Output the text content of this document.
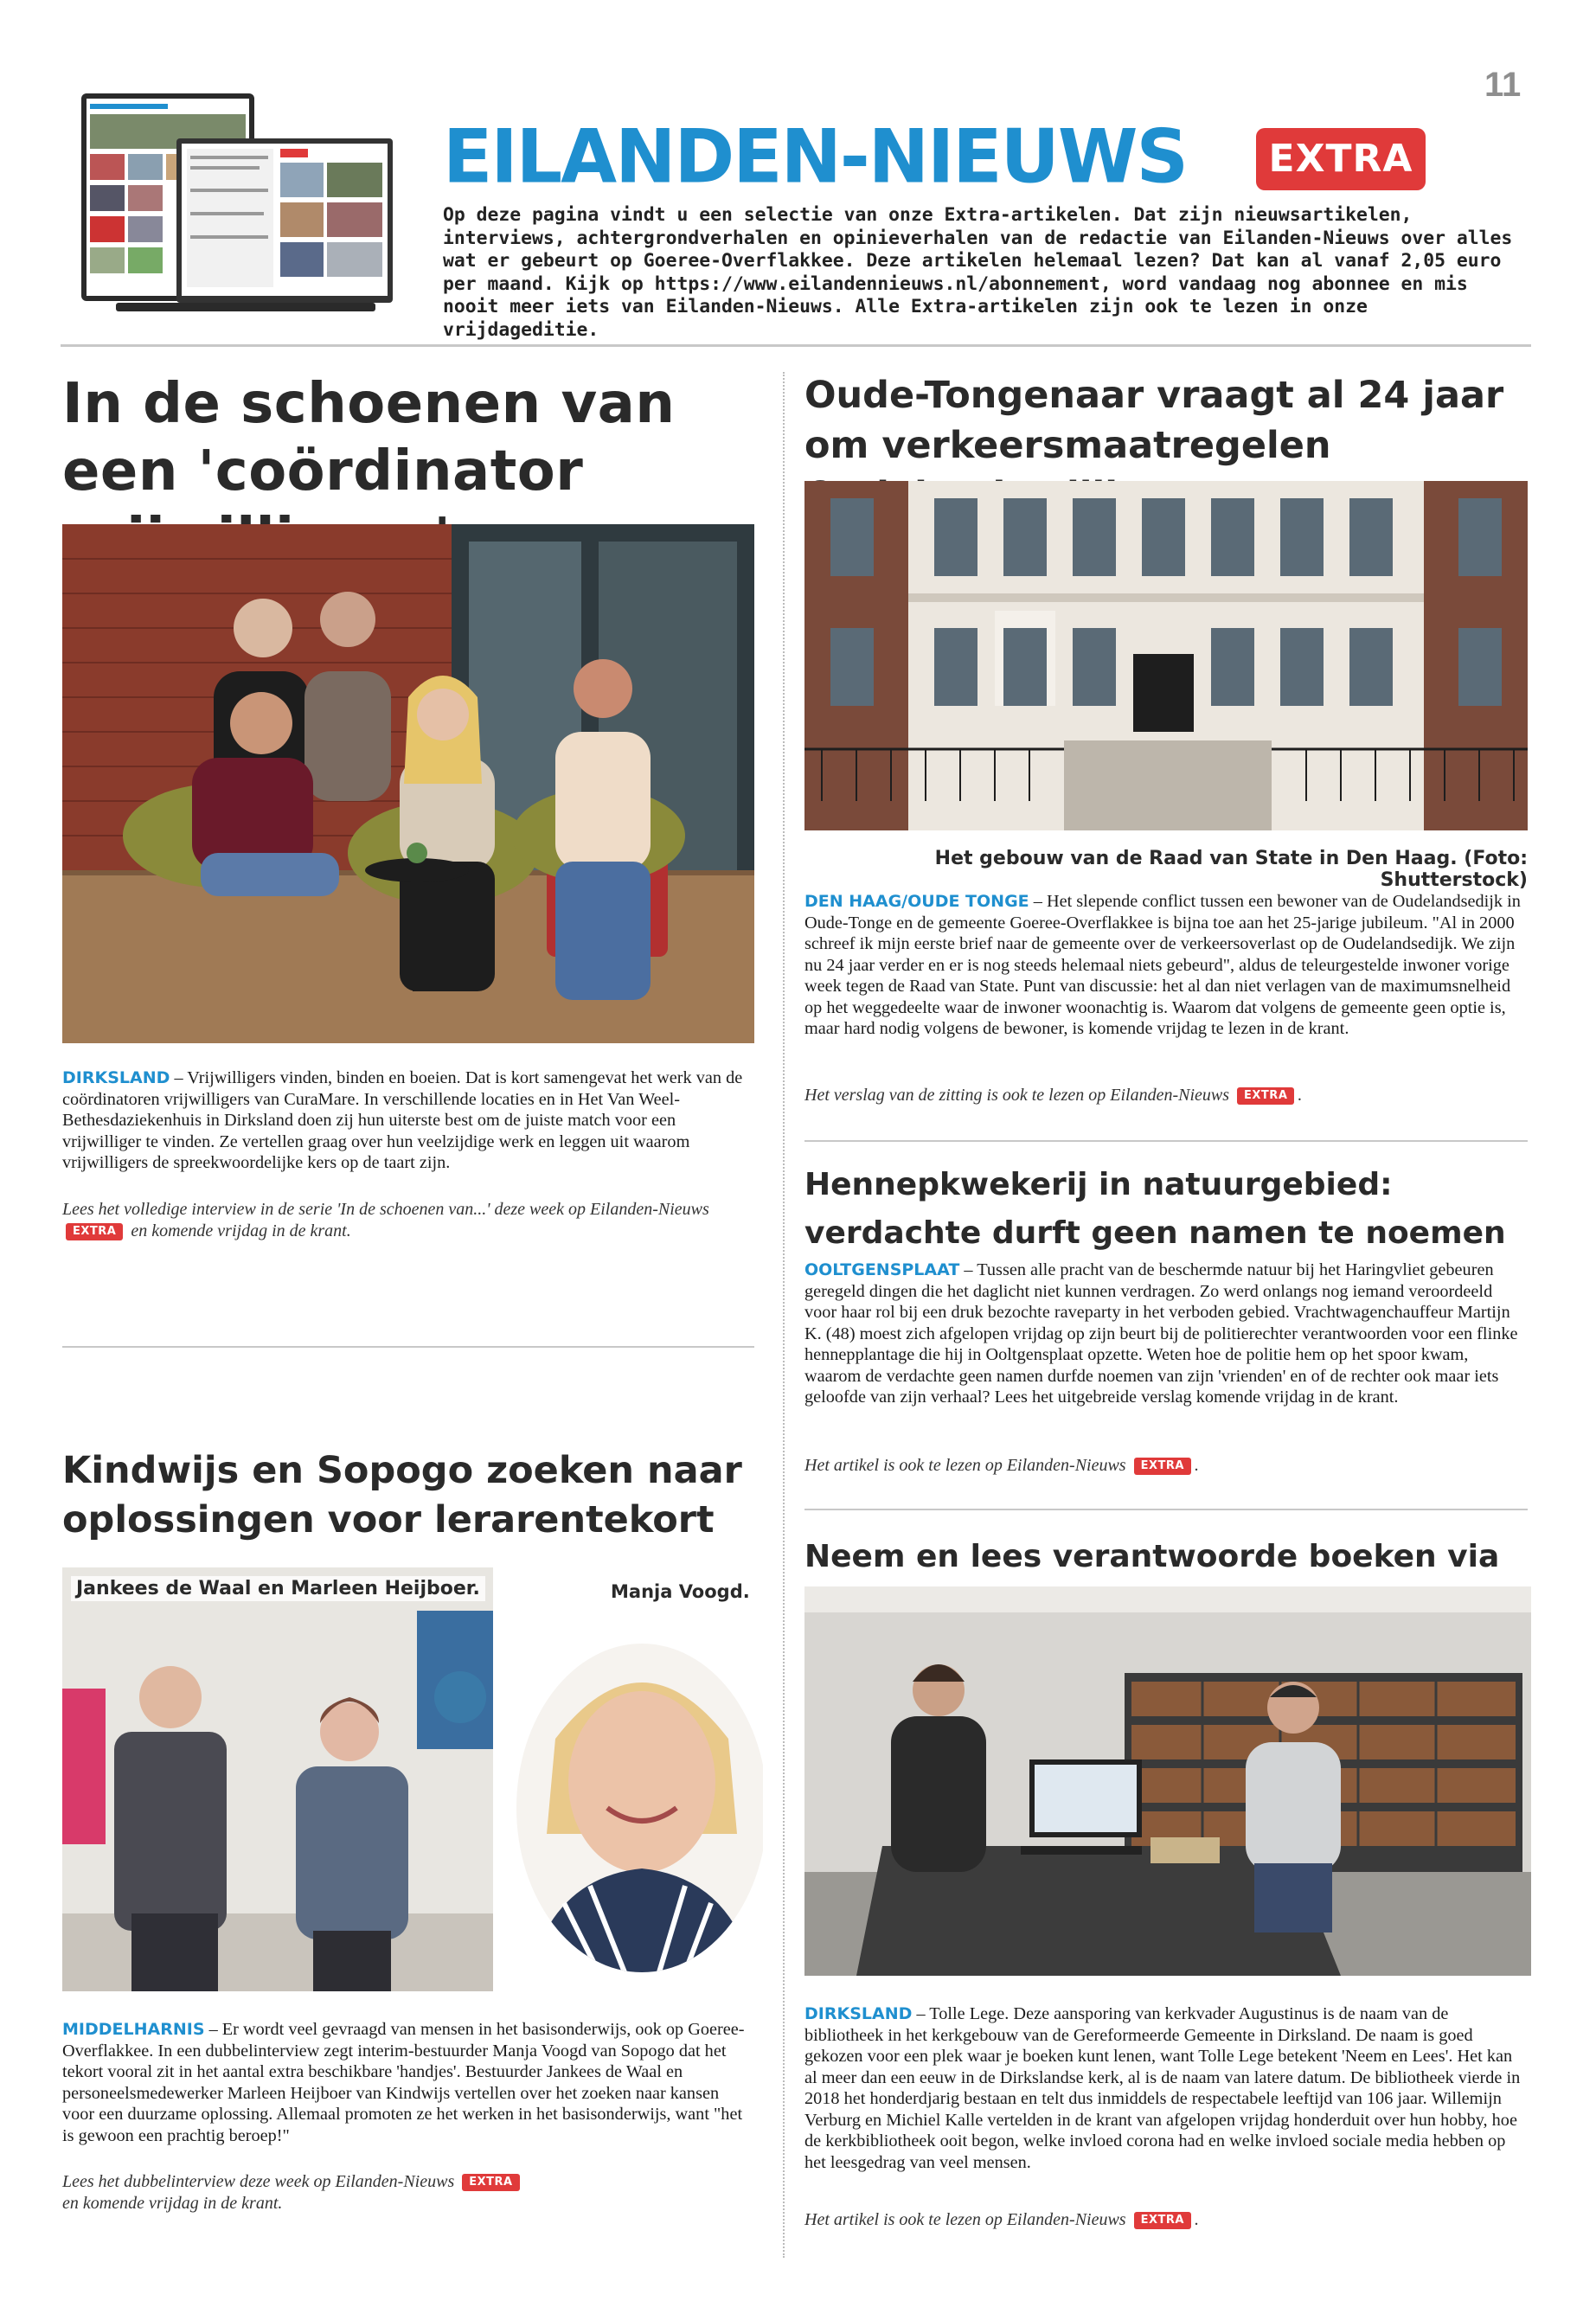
11
EILANDEN-NIEUWS	EXTRA
Op deze pagina vindt u een selectie van onze Extra-artikelen. Dat zijn nieuwsartikelen, interviews, achtergrondverhalen en opinieverhalen van de redactie van Eilanden-Nieuws over alles wat er gebeurt op Goeree-Overflakkee. Deze artikelen helemaal lezen? Dat kan al vanaf 2,05 euro per maand. Kijk op https://www.eilandennieuws.nl/abonnement, word vandaag nog abonnee en mis nooit meer iets van Eilanden-Nieuws. Alle Extra-artikelen zijn ook te lezen in onze vrijdageditie.
In de schoenen van een 'coördinator
DIRKSLAND – Vrijwilligers vinden, binden en boeien. Dat is kort samengevat het werk van de coördinatoren vrijwilligers van CuraMare. In verschillende locaties en in Het Van Weel-Bethesdaziekenhuis in Dirksland doen zij hun uiterste best om de juiste match voor een vrijwilliger te vinden. Ze vertellen graag over hun veelzijdige werk en leggen uit waarom vrijwilligers de spreekwoordelijke kers op de taart zijn.
Lees het volledige interview in de serie 'In de schoenen van...' deze week op Eilanden-Nieuws EXTRA en komende vrijdag in de krant.
Kindwijs en Sopogo zoeken naar oplossingen voor lerarentekort
Jankees de Waal en Marleen Heijboer.	Manja Voogd.
MIDDELHARNIS – Er wordt veel gevraagd van mensen in het basisonderwijs, ook op Goeree-Overflakkee. In een dubbelinterview zegt interim-bestuurder Manja Voogd van Sopogo dat het tekort vooral zit in het aantal extra beschikbare 'handjes'. Bestuurder Jankees de Waal en personeelsmedewerker Marleen Heijboer van Kindwijs vertellen over het zoeken naar kansen voor een duurzame oplossing. Allemaal promoten ze het werken in het basisonderwijs, want "het is gewoon een prachtig beroep!"
Lees het dubbelinterview deze week op Eilanden-Nieuws EXTRA
en komende vrijdag in de krant.
Oude-Tongenaar vraagt al 24 jaar om verkeersmaatregelen
Het gebouw van de Raad van State in Den Haag. (Foto: Shutterstock)
DEN HAAG/OUDE TONGE – Het slepende conflict tussen een bewoner van de Oudelandsedijk in Oude-Tonge en de gemeente Goeree-Overflakkee is bijna toe aan het 25-jarige jubileum. "Al in 2000 schreef ik mijn eerste brief naar de gemeente over de verkeersoverlast op de Oudelandsedijk. We zijn nu 24 jaar verder en er is nog steeds helemaal niets gebeurd", aldus de teleurgestelde inwoner vorige week tegen de Raad van State. Punt van discussie: het al dan niet verlagen van de maximumsnelheid op het weggedeelte waar de inwoner woonachtig is. Waarom dat volgens de gemeente geen optie is, maar hard nodig volgens de bewoner, is komende vrijdag te lezen in de krant.
Het verslag van de zitting is ook te lezen op Eilanden-Nieuws EXTRA .
Hennepkwekerij in natuurgebied:
verdachte durft geen namen te noemen
OOLTGENSPLAAT – Tussen alle pracht van de beschermde natuur bij het Haringvliet gebeuren geregeld dingen die het daglicht niet kunnen verdragen. Zo werd onlangs nog iemand veroordeeld voor haar rol bij een druk bezochte raveparty in het verboden gebied. Vrachtwagenchauffeur Martijn K. (48) moest zich afgelopen vrijdag op zijn beurt bij de politierechter verantwoorden voor een flinke hennepplantage die hij in Ooltgensplaat opzette. Weten hoe de politie hem op het spoor kwam, waarom de verdachte geen namen durfde noemen van zijn 'vrienden' en of de rechter ook maar iets geloofde van zijn verhaal? Lees het uitgebreide verslag komende vrijdag in de krant.
Het artikel is ook te lezen op Eilanden-Nieuws EXTRA .
Neem en lees verantwoorde boeken via
DIRKSLAND – Tolle Lege. Deze aansporing van kerkvader Augustinus is de naam van de bibliotheek in het kerkgebouw van de Gereformeerde Gemeente in Dirksland. De naam is goed gekozen voor een plek waar je boeken kunt lenen, want Tolle Lege betekent 'Neem en Lees'. Het kan al meer dan een eeuw in de Dirkslandse kerk, al is de naam van latere datum. De bibliotheek vierde in 2018 het honderdjarig bestaan en telt dus inmiddels de respectabele leeftijd van 106 jaar. Willemijn Verburg en Michiel Kalle vertelden in de krant van afgelopen vrijdag honderduit over hun hobby, hoe de kerkbibliotheek ooit begon, welke invloed corona had en welke invloed sociale media hebben op het leesgedrag van veel mensen.
Het artikel is ook te lezen op Eilanden-Nieuws EXTRA .
